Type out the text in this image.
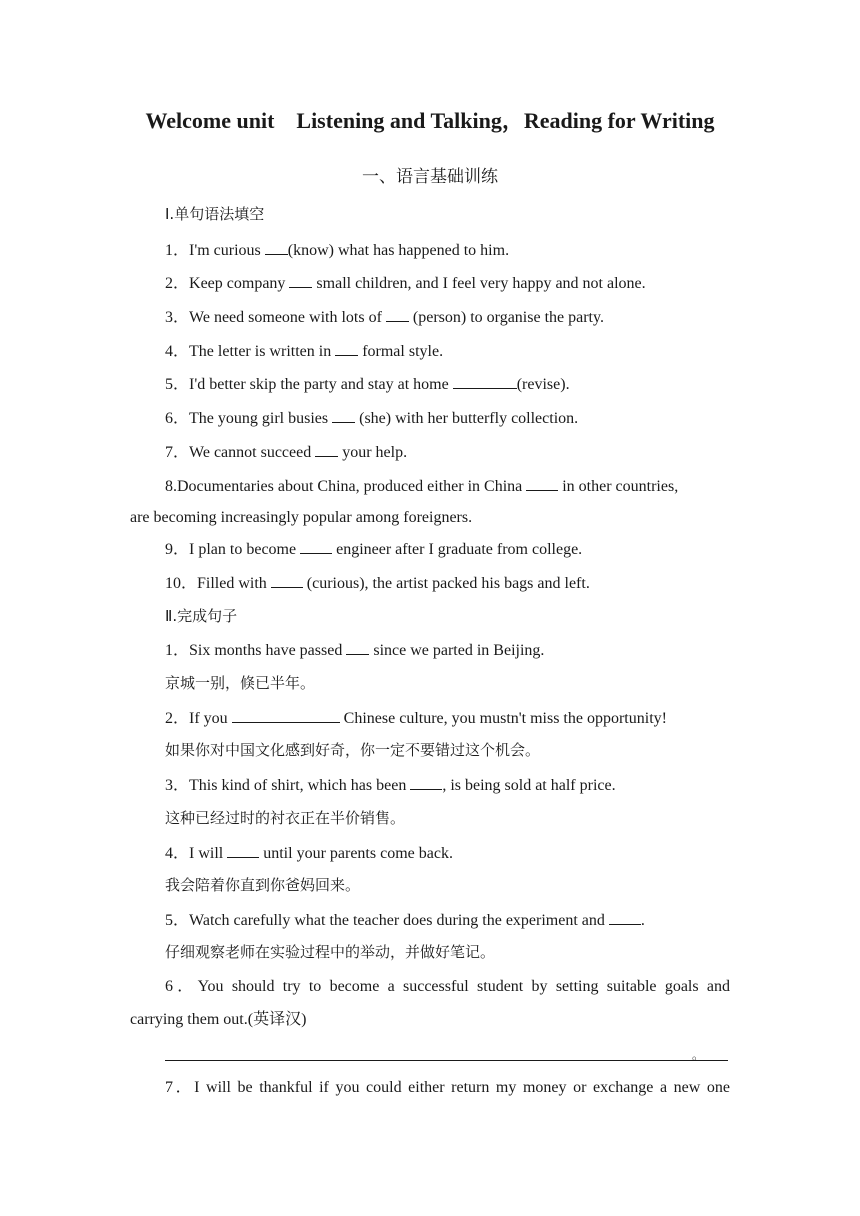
Welcome unit    Listening and Talking，Reading for Writing
一、语言基础训练
Ⅰ.单句语法填空
1．I'm curious (know) what has happened to him.
2．Keep company  small children, and I feel very happy and not alone.
3．We need someone with lots of  (person) to organise the party.
4．The letter is written in  formal style.
5．I'd better skip the party and stay at home	(revise).
6．The young girl busies  (she) with her butterfly collection.
7．We cannot succeed  your help.
8.Documentaries about China, produced either in China  in other countries,
are becoming increasingly popular among foreigners.
9．I plan to become  engineer after I graduate from college.
10．Filled with  (curious), the artist packed his bags and left.
Ⅱ.完成句子
1．Six months have passed  since we parted in Beijing.
京城一别，倏已半年。
2．If you	Chinese culture, you mustn't miss the opportunity!
如果你对中国文化感到好奇，你一定不要错过这个机会。
3．This kind of shirt, which has been , is being sold at half price.
这种已经过时的衬衣正在半价销售。
4．I will  until your parents come back.
我会陪着你直到你爸妈回来。
5．Watch carefully what the teacher does during the experiment and .
仔细观察老师在实验过程中的举动，并做好笔记。
6．You should try to become a successful student by setting suitable goals and
carrying them out.(英译汉)
。
7．I will be thankful if you could either return my money or exchange a new one
